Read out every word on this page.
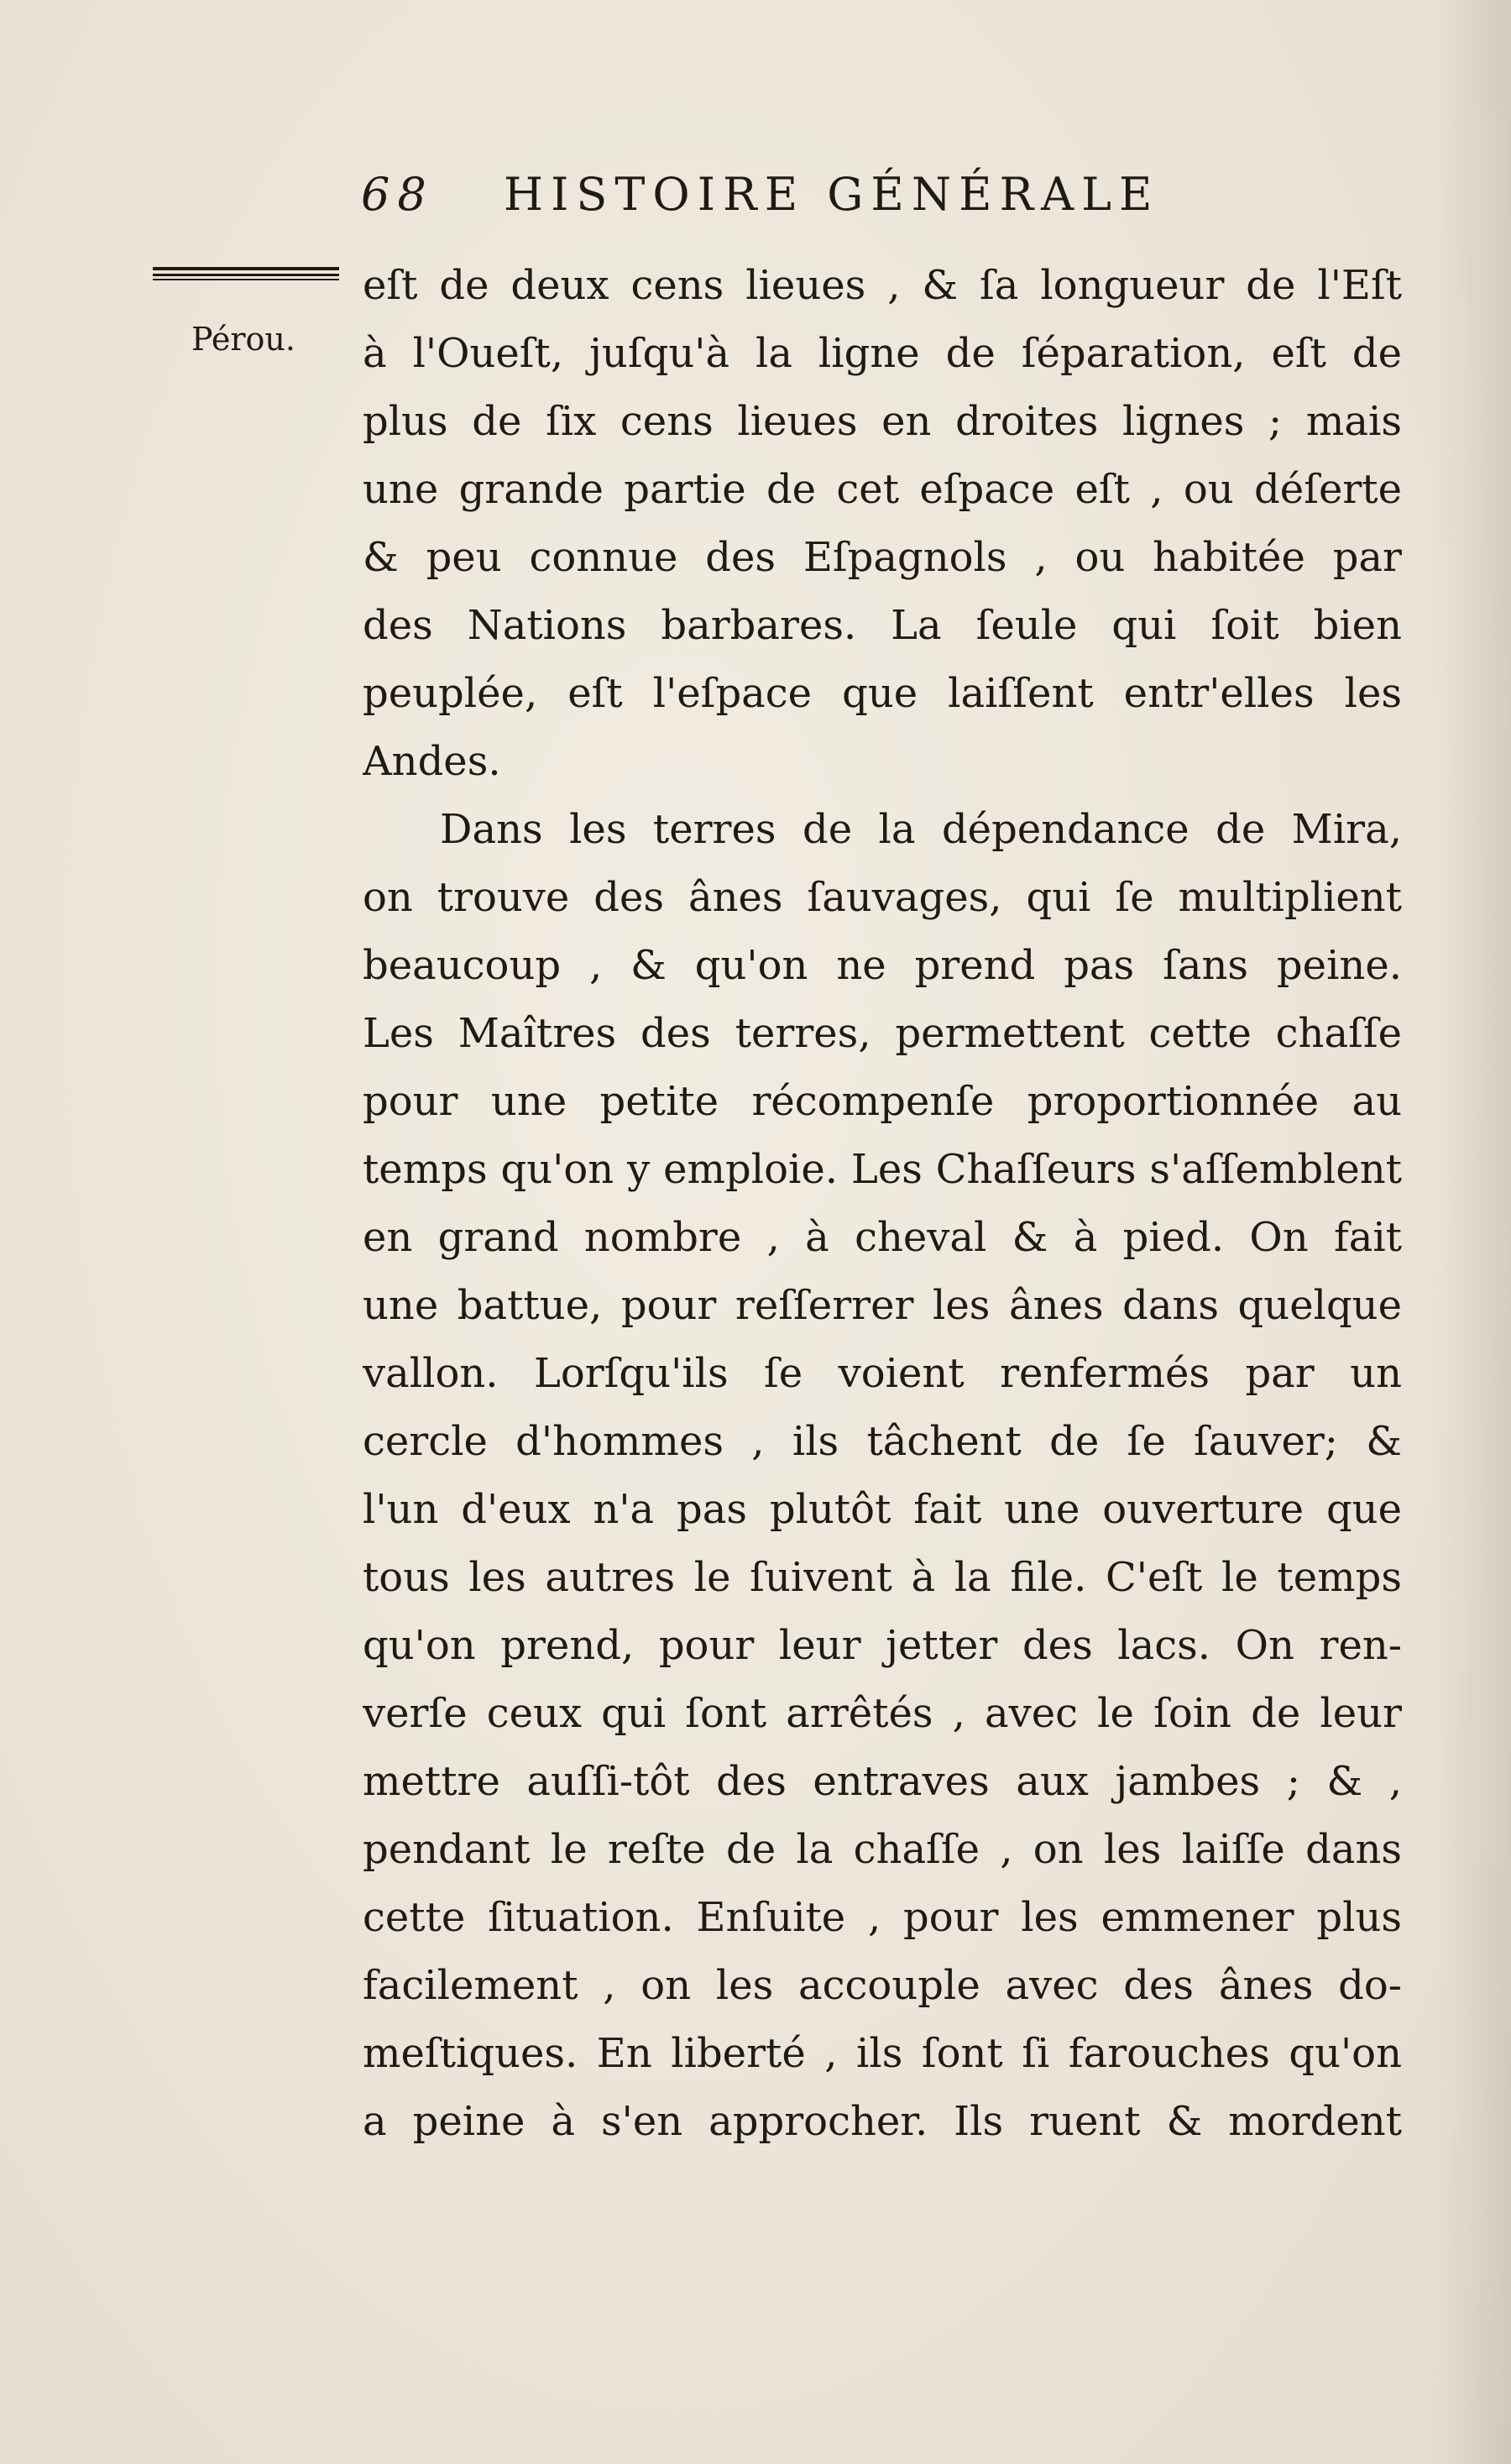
68 HISTOIRE GÉNÉRALE
Pérou.
eſt de deux cens lieues , & ſa longueur de l'Eſt
à l'Oueſt, juſqu'à la ligne de ſéparation, eſt de
plus de ſix cens lieues en droites lignes ; mais
une grande partie de cet eſpace eſt , ou déſerte
& peu connue des Eſpagnols , ou habitée par
des Nations barbares. La ſeule qui ſoit bien
peuplée, eſt l'eſpace que laiſſent entr'elles les
Andes.
Dans les terres de la dépendance de Mira,
on trouve des ânes ſauvages, qui ſe multiplient
beaucoup , & qu'on ne prend pas ſans peine.
Les Maîtres des terres, permettent cette chaſſe
pour une petite récompenſe proportionnée au
temps qu'on y emploie. Les Chaſſeurs s'aſſemblent
en grand nombre , à cheval & à pied. On fait
une battue, pour reſſerrer les ânes dans quelque
vallon. Lorſqu'ils ſe voient renfermés par un
cercle d'hommes , ils tâchent de ſe ſauver; &
l'un d'eux n'a pas plutôt fait une ouverture que
tous les autres le ſuivent à la file. C'eſt le temps
qu'on prend, pour leur jetter des lacs. On ren-
verſe ceux qui ſont arrêtés , avec le ſoin de leur
mettre auſſi-tôt des entraves aux jambes ; & ,
pendant le reſte de la chaſſe , on les laiſſe dans
cette ſituation. Enſuite , pour les emmener plus
facilement , on les accouple avec des ânes do-
meſtiques. En liberté , ils ſont ſi farouches qu'on
a peine à s'en approcher. Ils ruent & mordent
